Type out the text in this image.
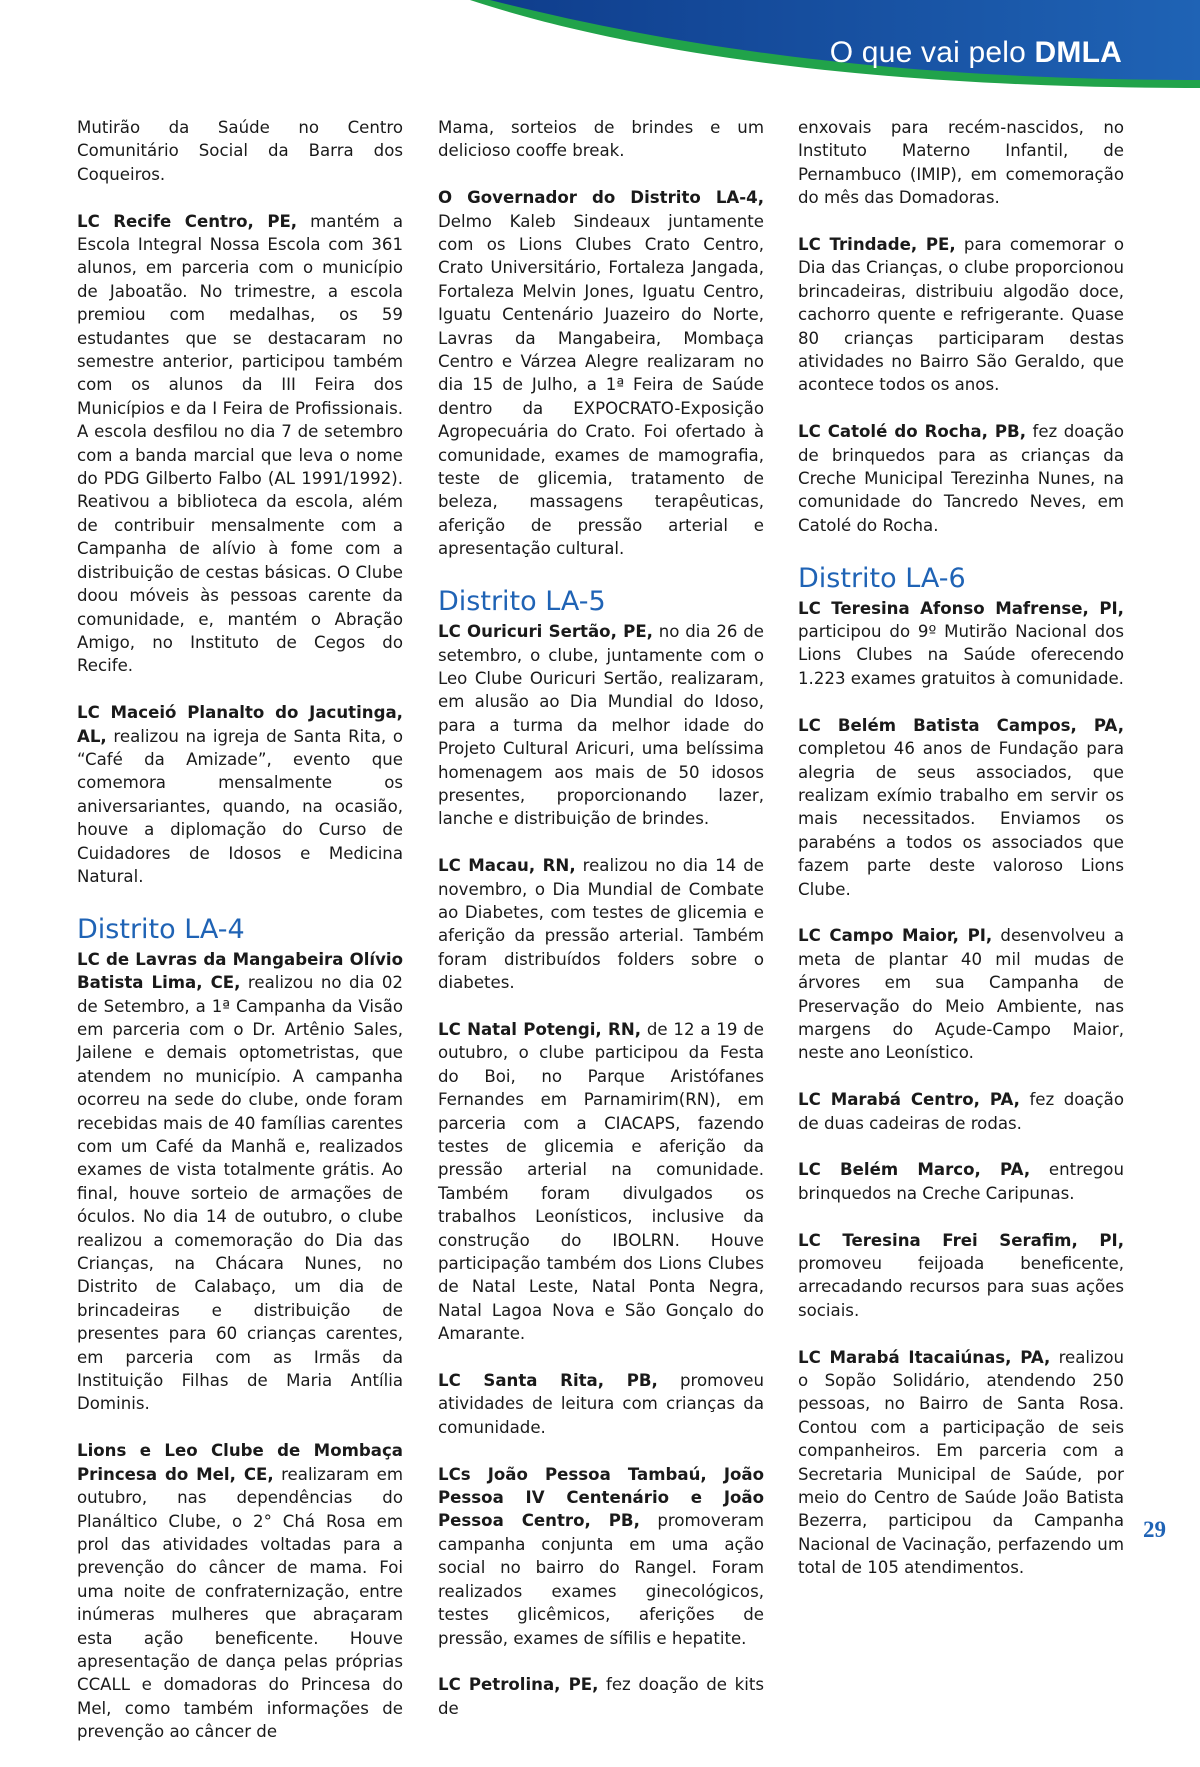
O que vai pelo DMLA

Mutirão da Saúde no Centro Comunitário Social da Barra dos Coqueiros.

LC Recife Centro, PE, mantém a Escola Integral Nossa Escola com 361 alunos, em parceria com o município de Jaboatão. No trimestre, a escola premiou com medalhas, os 59 estudantes que se destacaram no semestre anterior, participou também com os alunos da III Feira dos Municípios e da I Feira de Profissionais. A escola desfilou no dia 7 de setembro com a banda marcial que leva o nome do PDG Gilberto Falbo (AL 1991/1992). Reativou a biblioteca da escola, além de contribuir mensalmente com a Campanha de alívio à fome com a distribuição de cestas básicas. O Clube doou móveis às pessoas carente da comunidade, e, mantém o Abração Amigo, no Instituto de Cegos do Recife.

LC Maceió Planalto do Jacutinga, AL, realizou na igreja de Santa Rita, o “Café da Amizade”, evento que comemora mensalmente os aniversariantes, quando, na ocasião, houve a diplomação do Curso de Cuidadores de Idosos e Medicina Natural.

Distrito LA-4

LC de Lavras da Mangabeira Olívio Batista Lima, CE, realizou no dia 02 de Setembro, a 1ª Campanha da Visão em parceria com o Dr. Artênio Sales, Jailene e demais optometristas, que atendem no município. A campanha ocorreu na sede do clube, onde foram recebidas mais de 40 famílias carentes com um Café da Manhã e, realizados exames de vista totalmente grátis. Ao final, houve sorteio de armações de óculos. No dia 14 de outubro, o clube realizou a comemoração do Dia das Crianças, na Chácara Nunes, no Distrito de Calabaço, um dia de brincadeiras e distribuição de presentes para 60 crianças carentes, em parceria com as Irmãs da Instituição Filhas de Maria Antília Dominis.

Lions e Leo Clube de Mombaça Princesa do Mel, CE, realizaram em outubro, nas dependências do Planáltico Clube, o 2° Chá Rosa em prol das atividades voltadas para a prevenção do câncer de mama. Foi uma noite de confraternização, entre inúmeras mulheres que abraçaram esta ação beneficente. Houve apresentação de dança pelas próprias CCALL e domadoras do Princesa do Mel, como também informações de prevenção ao câncer de

Mama, sorteios de brindes e um delicioso cooffe break.

O Governador do Distrito LA-4, Delmo Kaleb Sindeaux juntamente com os Lions Clubes Crato Centro, Crato Universitário, Fortaleza Jangada, Fortaleza Melvin Jones, Iguatu Centro, Iguatu Centenário Juazeiro do Norte, Lavras da Mangabeira, Mombaça Centro e Várzea Alegre realizaram no dia 15 de Julho, a 1ª Feira de Saúde dentro da EXPOCRATO-Exposição Agropecuária do Crato. Foi ofertado à comunidade, exames de mamografia, teste de glicemia, tratamento de beleza, massagens terapêuticas, aferição de pressão arterial e apresentação cultural.

Distrito LA-5

LC Ouricuri Sertão, PE, no dia 26 de setembro, o clube, juntamente com o Leo Clube Ouricuri Sertão, realizaram, em alusão ao Dia Mundial do Idoso, para a turma da melhor idade do Projeto Cultural Aricuri, uma belíssima homenagem aos mais de 50 idosos presentes, proporcionando lazer, lanche e distribuição de brindes.

LC Macau, RN, realizou no dia 14 de novembro, o Dia Mundial de Combate ao Diabetes, com testes de glicemia e aferição da pressão arterial. Também foram distribuídos folders sobre o diabetes.

LC Natal Potengi, RN, de 12 a 19 de outubro, o clube participou da Festa do Boi, no Parque Aristófanes Fernandes em Parnamirim(RN), em parceria com a CIACAPS, fazendo testes de glicemia e aferição da pressão arterial na comunidade. Também foram divulgados os trabalhos Leonísticos, inclusive da construção do IBOLRN. Houve participação também dos Lions Clubes de Natal Leste, Natal Ponta Negra, Natal Lagoa Nova e São Gonçalo do Amarante.

LC Santa Rita, PB, promoveu atividades de leitura com crianças da comunidade.

LCs João Pessoa Tambaú, João Pessoa IV Centenário e João Pessoa Centro, PB, promoveram campanha conjunta em uma ação social no bairro do Rangel. Foram realizados exames ginecológicos, testes glicêmicos, aferições de pressão, exames de sífilis e hepatite.

LC Petrolina, PE, fez doação de kits de

enxovais para recém-nascidos, no Instituto Materno Infantil, de Pernambuco (IMIP), em comemoração do mês das Domadoras.

LC Trindade, PE, para comemorar o Dia das Crianças, o clube proporcionou brincadeiras, distribuiu algodão doce, cachorro quente e refrigerante. Quase 80 crianças participaram destas atividades no Bairro São Geraldo, que acontece todos os anos.

LC Catolé do Rocha, PB, fez doação de brinquedos para as crianças da Creche Municipal Terezinha Nunes, na comunidade do Tancredo Neves, em Catolé do Rocha.

Distrito LA-6

LC Teresina Afonso Mafrense, PI, participou do 9º Mutirão Nacional dos Lions Clubes na Saúde oferecendo 1.223 exames gratuitos à comunidade.

LC Belém Batista Campos, PA, completou 46 anos de Fundação para alegria de seus associados, que realizam exímio trabalho em servir os mais necessitados. Enviamos os parabéns a todos os associados que fazem parte deste valoroso Lions Clube.

LC Campo Maior, PI, desenvolveu a meta de plantar 40 mil mudas de árvores em sua Campanha de Preservação do Meio Ambiente, nas margens do Açude-Campo Maior, neste ano Leonístico.

LC Marabá Centro, PA, fez doação de duas cadeiras de rodas.

LC Belém Marco, PA, entregou brinquedos na Creche Caripunas.

LC Teresina Frei Serafim, PI, promoveu feijoada beneficente, arrecadando recursos para suas ações sociais.

LC Marabá Itacaiúnas, PA, realizou o Sopão Solidário, atendendo 250 pessoas, no Bairro de Santa Rosa. Contou com a participação de seis companheiros. Em parceria com a Secretaria Municipal de Saúde, por meio do Centro de Saúde João Batista Bezerra, participou da Campanha Nacional de Vacinação, perfazendo um total de 105 atendimentos.

29
